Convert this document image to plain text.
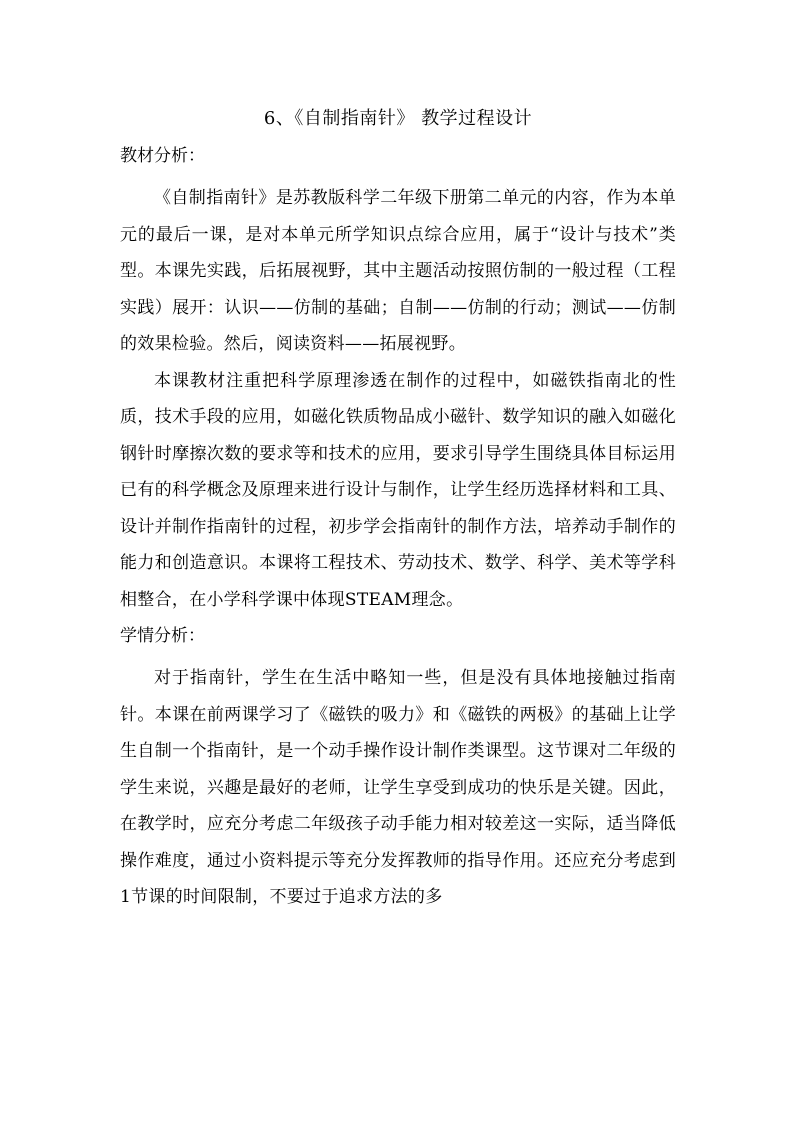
6、《自制指南针》 教学过程设计
教材分析：

《自制指南针》是苏教版科学二年级下册第二单元的内容，作为本单元的最后一课，是对本单元所学知识点综合应用，属于“设计与技术”类型。本课先实践，后拓展视野，其中主题活动按照仿制的一般过程（工程实践）展开：认识——仿制的基础；自制——仿制的行动；测试——仿制的效果检验。然后，阅读资料——拓展视野。

本课教材注重把科学原理渗透在制作的过程中，如磁铁指南北的性质，技术手段的应用，如磁化铁质物品成小磁针、数学知识的融入如磁化钢针时摩擦次数的要求等和技术的应用，要求引导学生围绕具体目标运用已有的科学概念及原理来进行设计与制作，让学生经历选择材料和工具、设计并制作指南针的过程，初步学会指南针的制作方法，培养动手制作的能力和创造意识。本课将工程技术、劳动技术、数学、科学、美术等学科相整合，在小学科学课中体现STEAM理念。

学情分析：

对于指南针，学生在生活中略知一些，但是没有具体地接触过指南针。本课在前两课学习了《磁铁的吸力》和《磁铁的两极》的基础上让学生自制一个指南针，是一个动手操作设计制作类课型。这节课对二年级的学生来说，兴趣是最好的老师，让学生享受到成功的快乐是关键。因此，在教学时，应充分考虑二年级孩子动手能力相对较差这一实际，适当降低操作难度，通过小资料提示等充分发挥教师的指导作用。还应充分考虑到1节课的时间限制，不要过于追求方法的多
